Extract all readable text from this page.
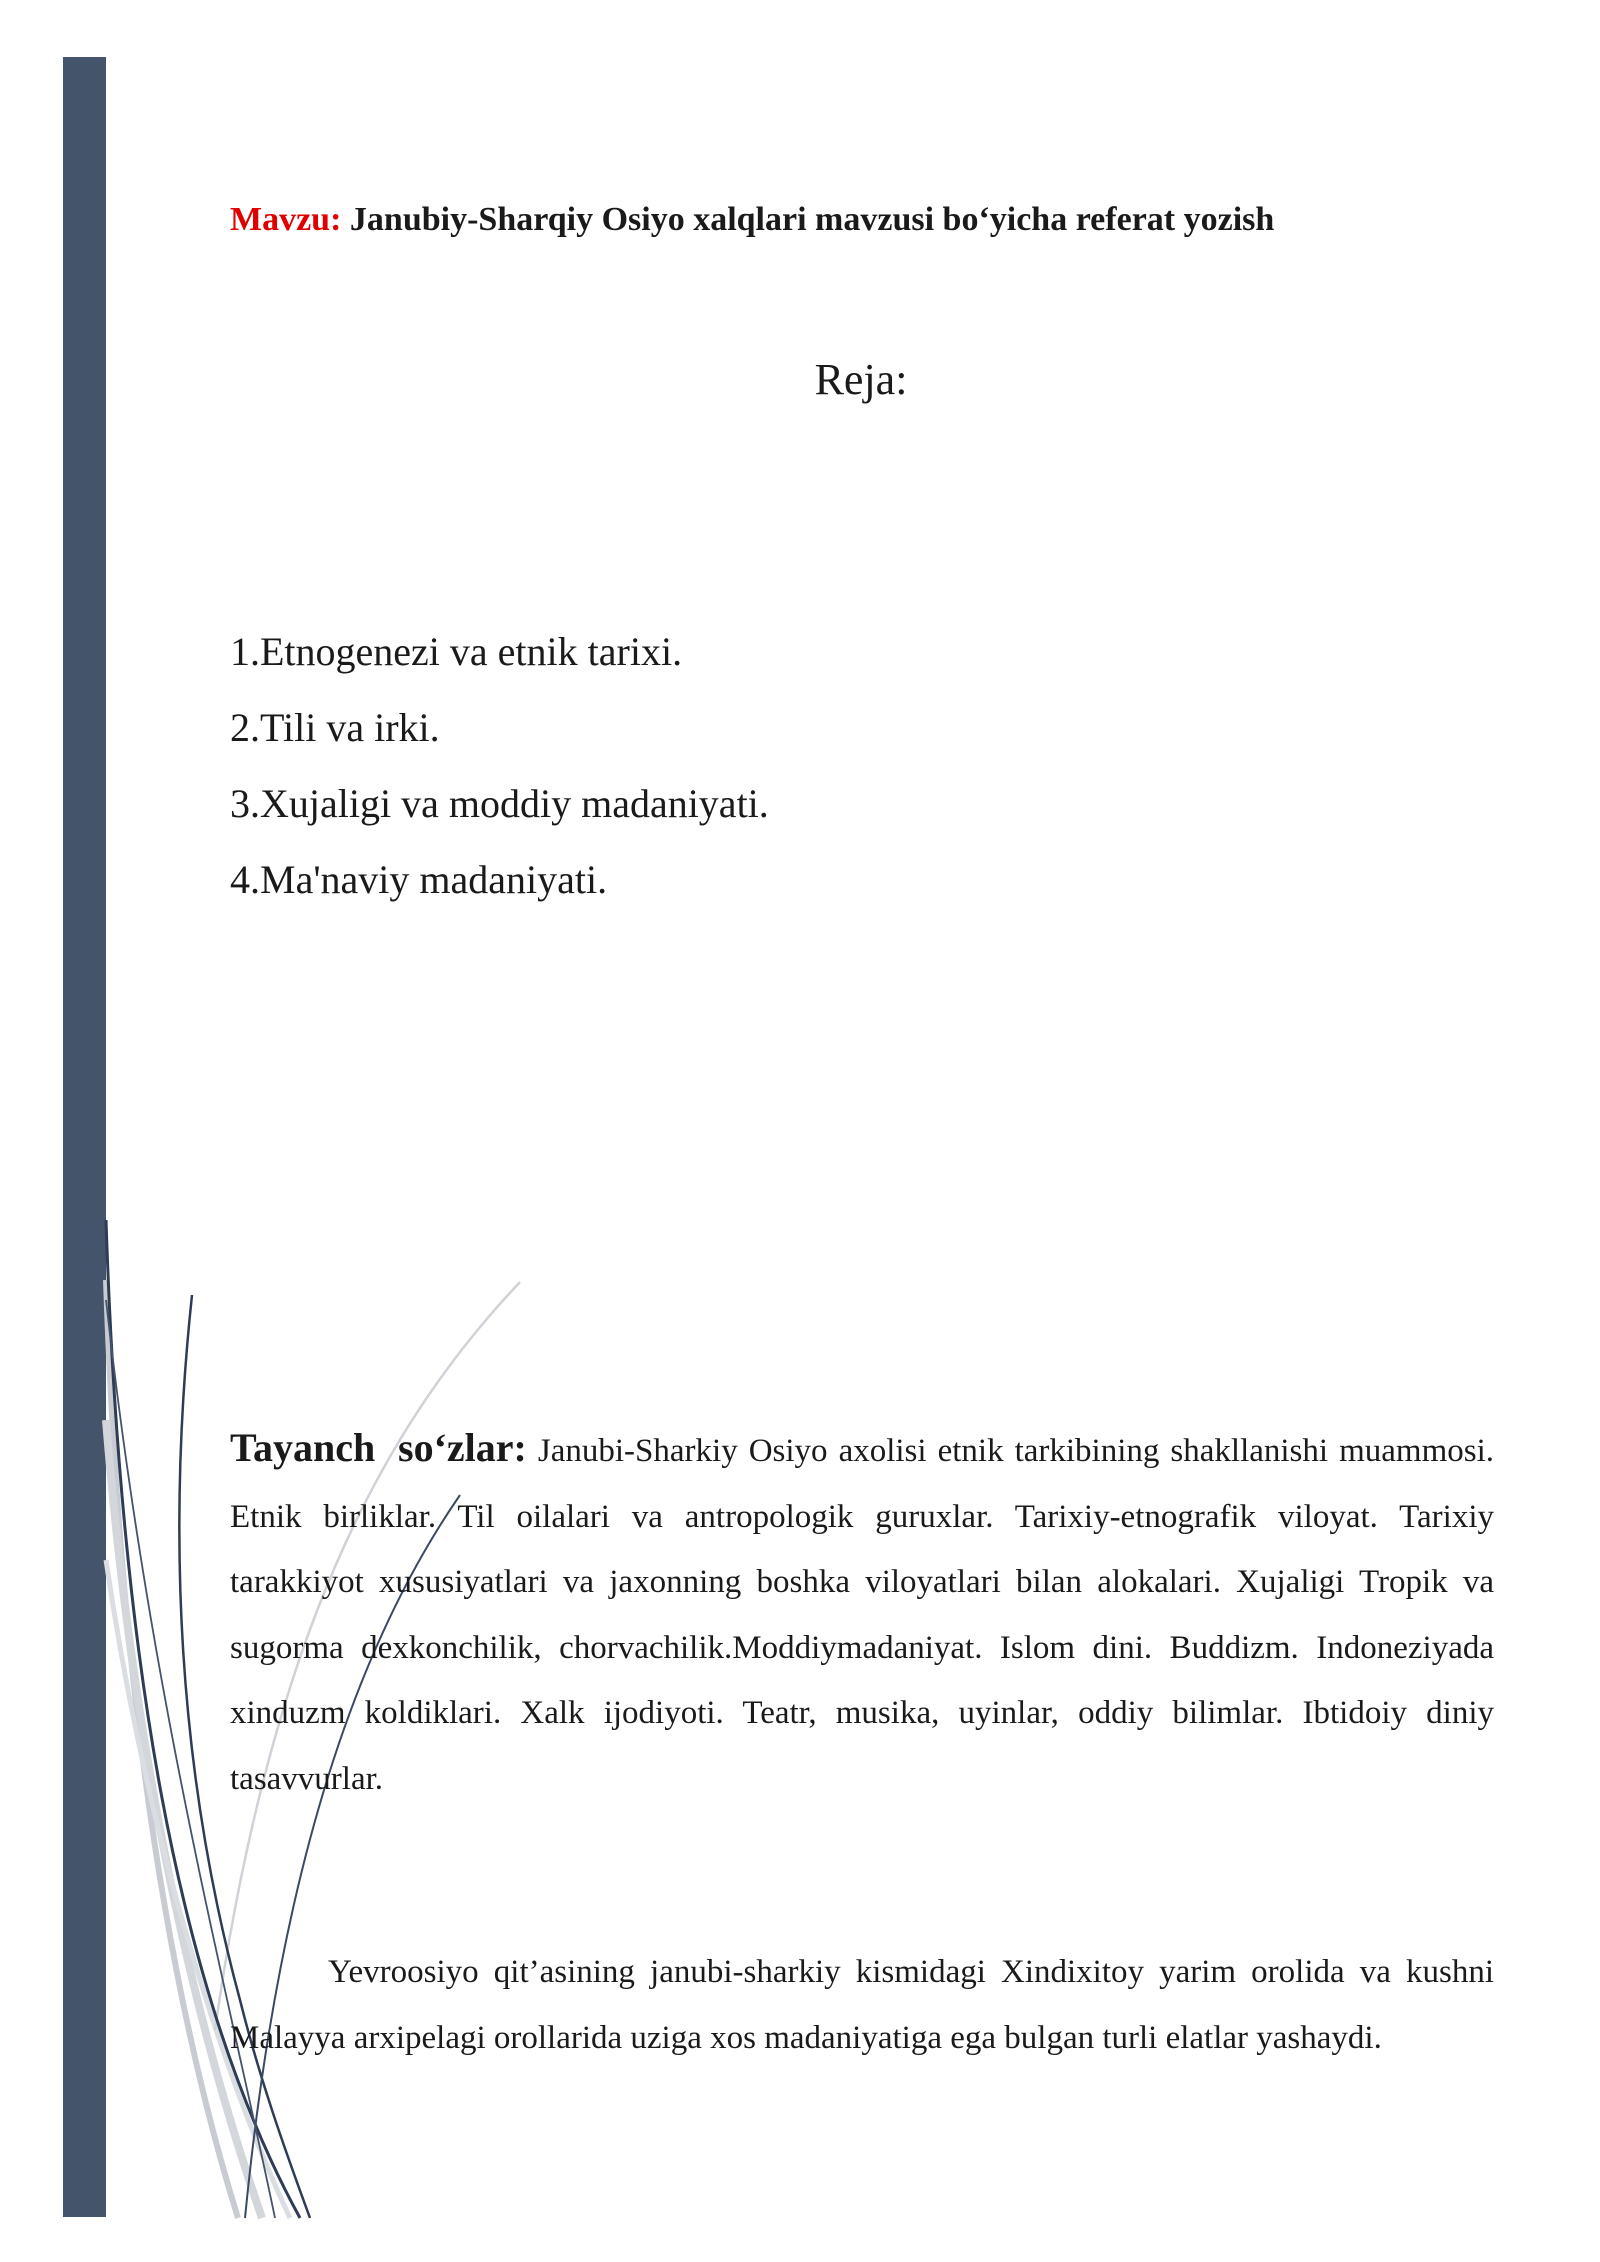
Mavzu: Janubiy-Sharqiy Osiyo xalqlari mavzusi bo‘yicha referat yozish
Reja:
1.Etnogenezi va etnik tarixi.
2.Tili va irki.
3.Xujaligi va moddiy madaniyati.
4.Ma'naviy madaniyati.

Tayanch so‘zlar: Janubi-Sharkiy Osiyo axolisi etnik tarkibining shakllanishi muammosi. Etnik birliklar. Til oilalari va antropologik guruxlar. Tarixiy-etnografik viloyat. Tarixiy tarakkiyot xususiyatlari va jaxonning boshka viloyatlari bilan alokalari. Xujaligi Tropik va sugorma dexkonchilik, chorvachilik.Moddiymadaniyat. Islom dini. Buddizm. Indoneziyada xinduzm koldiklari. Xalk ijodiyoti. Teatr, musika, uyinlar, oddiy bilimlar. Ibtidoiy diniy tasavvurlar.

Yevroosiyo qit’asining janubi-sharkiy kismidagi Xindixitoy yarim orolida va kushni Malayya arxipelagi orollarida uziga xos madaniyatiga ega bulgan turli elatlar yashaydi.
